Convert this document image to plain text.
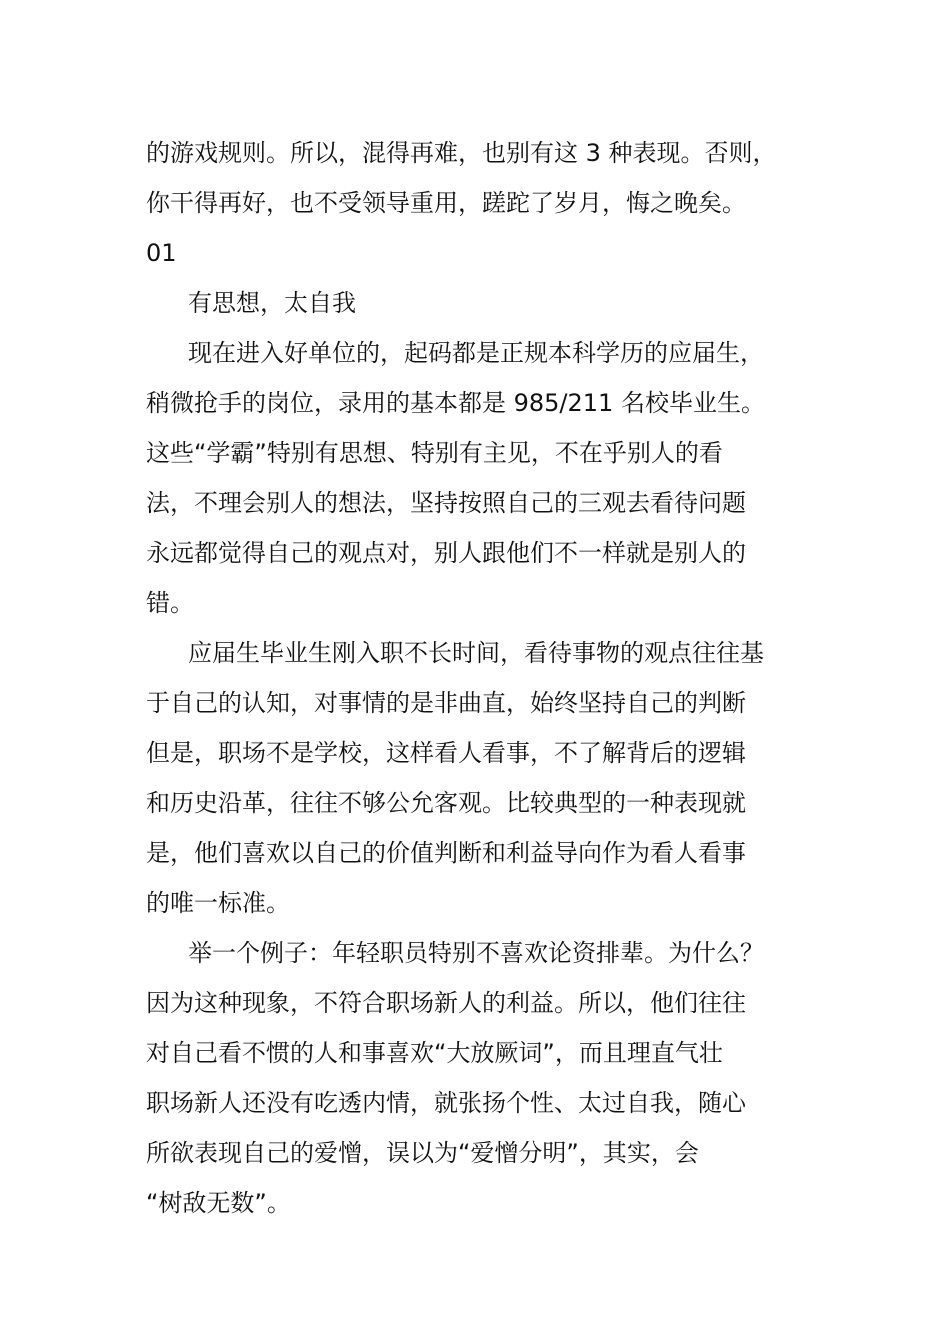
的游戏规则。所以，混得再难，也别有这 3 种表现。否则，
你干得再好，也不受领导重用，蹉跎了岁月，悔之晚矣。
01
有思想，太自我
现在进入好单位的，起码都是正规本科学历的应届生，
稍微抢手的岗位，录用的基本都是 985/211 名校毕业生。
这些“学霸”特别有思想、特别有主见，不在乎别人的看
法，不理会别人的想法，坚持按照自己的三观去看待问题
永远都觉得自己的观点对，别人跟他们不一样就是别人的
错。
应届生毕业生刚入职不长时间，看待事物的观点往往基
于自己的认知，对事情的是非曲直，始终坚持自己的判断
但是，职场不是学校，这样看人看事，不了解背后的逻辑
和历史沿革，往往不够公允客观。比较典型的一种表现就
是，他们喜欢以自己的价值判断和利益导向作为看人看事
的唯一标准。
举一个例子：年轻职员特别不喜欢论资排辈。为什么？
因为这种现象，不符合职场新人的利益。所以，他们往往
对自己看不惯的人和事喜欢“大放厥词”，而且理直气壮
职场新人还没有吃透内情，就张扬个性、太过自我，随心
所欲表现自己的爱憎，误以为“爱憎分明”，其实，会
“树敌无数”。
